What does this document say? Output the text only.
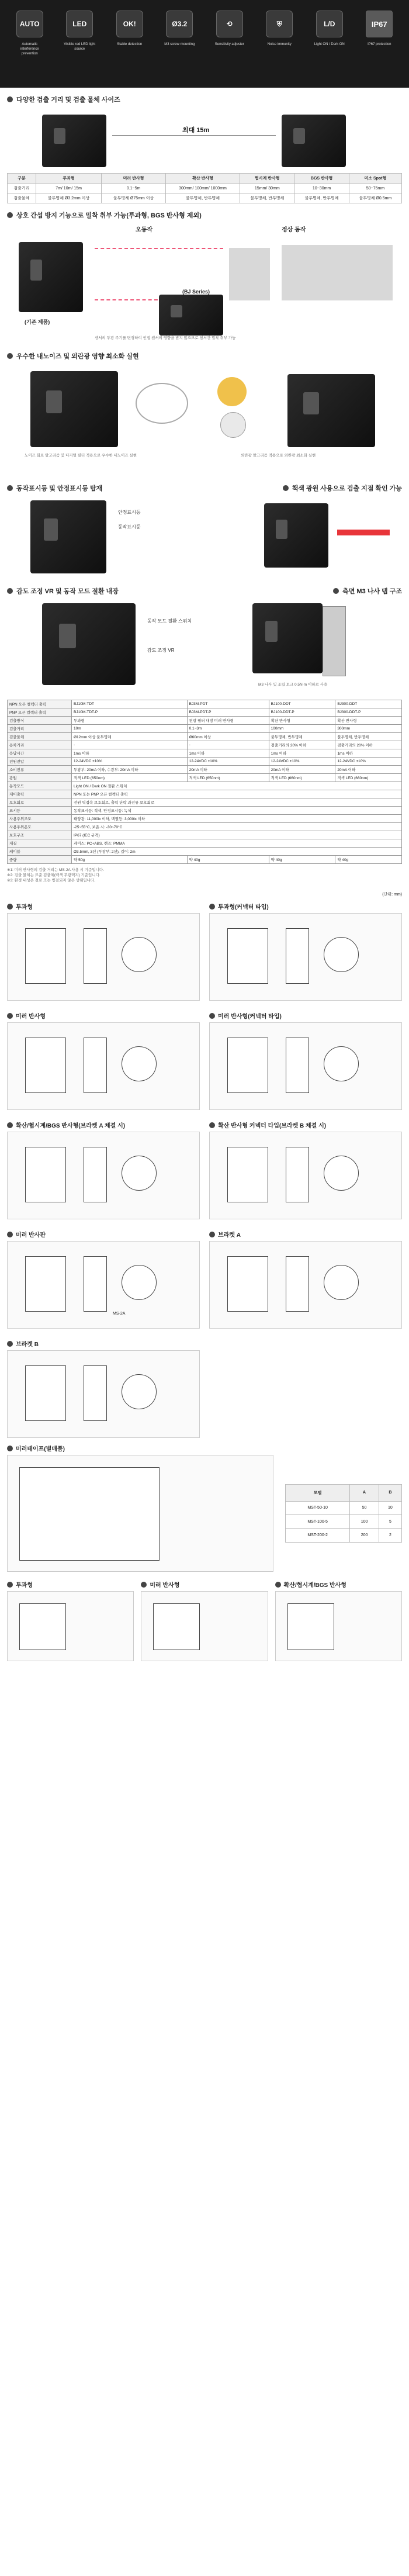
AUTO
Automatic interference prevention
LED
Visible red LED light source
OK!
Stable detection
Ø3.2
M3 screw mounting
⟲
Sensitivity adjuster
⛨
Noise immunity
L/D
Light ON / Dark ON
IP67
IP67 protection
다양한 검출 거리 및 검출 물체 사이즈
최대 15m
구분	투과형	미러 반사형	확산 반사형	협시계 반사형	BGS 반사형	미소 Spot형
검출거리	7m/ 10m/ 15m	0.1~5m	300mm/ 100mm/ 1000mm	15mm/ 30mm	10~30mm	50~75mm
검출물체	불투명체 Ø3.2mm 이상	불투명체 Ø75mm 이상	불투명체, 반투명체	불투명체, 반투명체	불투명체, 반투명체	불투명체 Ø0.5mm
상호 간섭 방지 기능으로 밀착 취부 가능(투과형, BGS 반사형 제외)
오동작	정상 동작
(기존 제품)
(BJ Series)
센서의 투광 주기를 변경하여 인접 센서의 영향을 받지 않으므로 센서간 밀착 취부 가능
우수한 내노이즈 및 외란광 영향 최소화 실현
노이즈 회로 알고리즘 및 디지털 필터 적용으로 우수한 내노이즈 실현	외란광 알고리즘 적용으로 외란광 최소화 실현
동작표시등 및 안정표시등 탑재	책색 광원 사용으로 검출 지점 확인 가능
안정표시등
동작표시등
감도 조정 VR 및 동작 모드 절환 내장	측면 M3 나사 탭 구조
동작 모드 절환 스위치
감도 조정 VR
M3 나사 및 조립 토크 0.5N·m 이하로 사용
NPN 오픈 컬렉터 출력	BJ10M-TDT	BJ3M-PDT	BJ100-DDT	BJ300-DDT
PNP 오픈 컬렉터 출력	BJ10M-TDT-P	BJ3M-PDT-P	BJ100-DDT-P	BJ300-DDT-P
검출방식	투과형	편광 필터 내장 미러 반사형	확산 반사형	확산 반사형
검출거리	10m	0.1~3m	100mm	300mm
검출물체	Ø12mm 이상 불투명체	Ø60mm 이상	불투명체, 반투명체	불투명체, 반투명체
응차거리	-	-	검출거리의 20% 이하	검출거리의 20% 이하
응답시간	1ms 이하	1ms 이하	1ms 이하	1ms 이하
전원전압	12-24VDC ±10%	12-24VDC ±10%	12-24VDC ±10%	12-24VDC ±10%
소비전류	투광부: 20mA 이하, 수광부: 20mA 이하	20mA 이하	20mA 이하	20mA 이하
광원	적색 LED (650nm)	적색 LED (650nm)	적색 LED (660nm)	적색 LED (660nm)
동작모드	Light ON / Dark ON 절환 스위치			
제어출력	NPN 또는 PNP 오픈 컬렉터 출력			
보호회로	전원 역접속 보호회로, 출력 단락 과전류 보호회로			
표시등	동작표시등: 적색, 안정표시등: 녹색			
사용주위조도	태양광: 11,000lx 이하, 백열등: 3,000lx 이하			
사용주위온도	-25~55°C, 보존 시: -30~70°C			
보호구조	IP67 (IEC 규격)			
재질	케이스: PC+ABS, 렌즈: PMMA			
케이블	Ø3.5mm, 3선 (투광부: 2선), 길이: 2m			
중량	약 50g	약 40g	약 40g	약 40g
※1: 미러 반사형의 검출 거리는 MS-2A 사용 시 기준입니다.
※2: 검출 물체는 표준 검출체(백색 무광택지) 기준입니다.
※3: 환경 내성은 결로 또는 빙결되지 않은 상태입니다.
(단위: mm)
투과형	투과형(커넥터 타입)
미러 반사형	미러 반사형(커넥터 타입)
확산/협시계/BGS 반사형(브라켓 A 체결 시)	확산 반사형 커넥터 타입(브라켓 B 체결 시)
미러 반사판
MS-2A
브라켓 A
브라켓 B
미러테이프(별매품)
모델	A	B
MST-50-10	50	10
MST-100-5	100	5
MST-200-2	200	2
투과형	미러 반사형	확산/협시계/BGS 반사형
